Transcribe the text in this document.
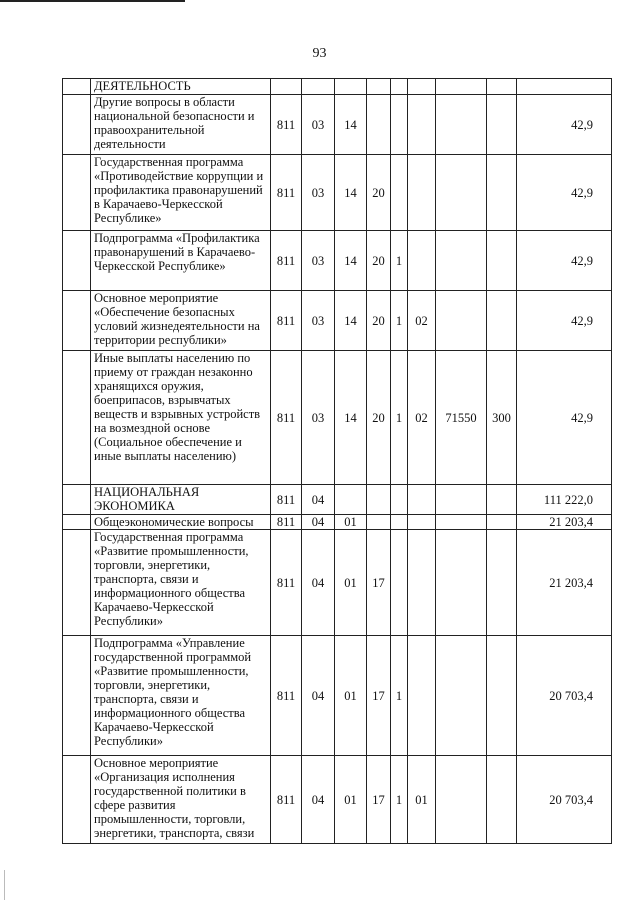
93
	ДЕЯТЕЛЬНОСТЬ									
	Другие вопросы в области национальной безопасности и правоохранительной деятельности	811	03	14						42,9
	Государственная программа «Противодействие коррупции и профилактика правонарушений в Карачаево-Черкесской Республике»	811	03	14	20					42,9
	Подпрограмма «Профилактика правонарушений в Карачаево-Черкесской Республике»	811	03	14	20	1				42,9
	Основное мероприятие «Обеспечение безопасных условий жизнедеятельности на территории республики»	811	03	14	20	1	02			42,9
	Иные выплаты населению по приему от граждан незаконно хранящихся оружия, боеприпасов, взрывчатых веществ и взрывных устройств на возмездной основе (Социальное обеспечение и иные выплаты населению)	811	03	14	20	1	02	71550	300	42,9
	НАЦИОНАЛЬНАЯ ЭКОНОМИКА	811	04							111 222,0
	Общеэкономические вопросы	811	04	01						21 203,4
	Государственная программа «Развитие промышленности, торговли, энергетики, транспорта, связи и информационного общества Карачаево-Черкесской Республики»	811	04	01	17					21 203,4
	Подпрограмма «Управление государственной программой «Развитие промышленности, торговли, энергетики, транспорта, связи и информационного общества Карачаево-Черкесской Республики»	811	04	01	17	1				20 703,4
	Основное мероприятие «Организация исполнения государственной политики в сфере развития промышленности, торговли, энергетики, транспорта, связи	811	04	01	17	1	01			20 703,4
